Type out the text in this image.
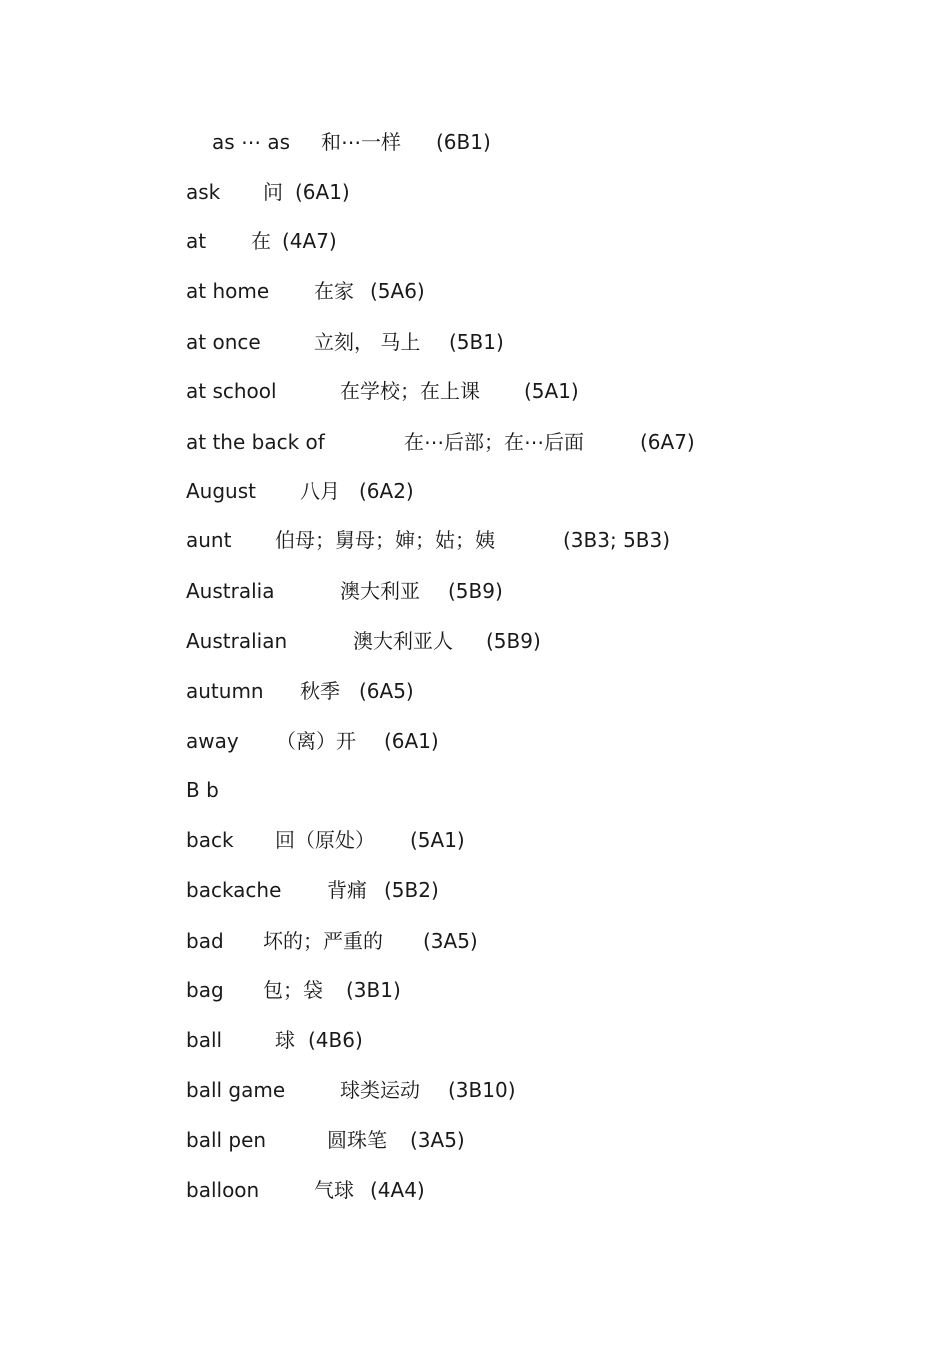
as ⋯ as 和⋯一样 (6B1)
ask 问 (6A1)
at 在 (4A7)
at home 在家 (5A6)
at once	立刻， 马上 (5B1)
at school	在学校；在上课 (5A1)
at the back of	在⋯后部；在⋯后面	(6A7)
August 八月 (6A2)
aunt 伯母；舅母；婶；姑；姨	(3B3; 5B3)
Australia	澳大利亚 (5B9)
Australian	澳大利亚人 (5B9)
autumn 秋季 (6A5)
away （离）开 (6A1)
B b
back 回（原处） (5A1)
backache 背痛 (5B2)
bad 坏的；严重的 (3A5)
bag 包；袋 (3B1)
ball	球 (4B6)
ball game	球类运动 (3B10)
ball pen	圆珠笔 (3A5)
balloon	气球 (4A4)
